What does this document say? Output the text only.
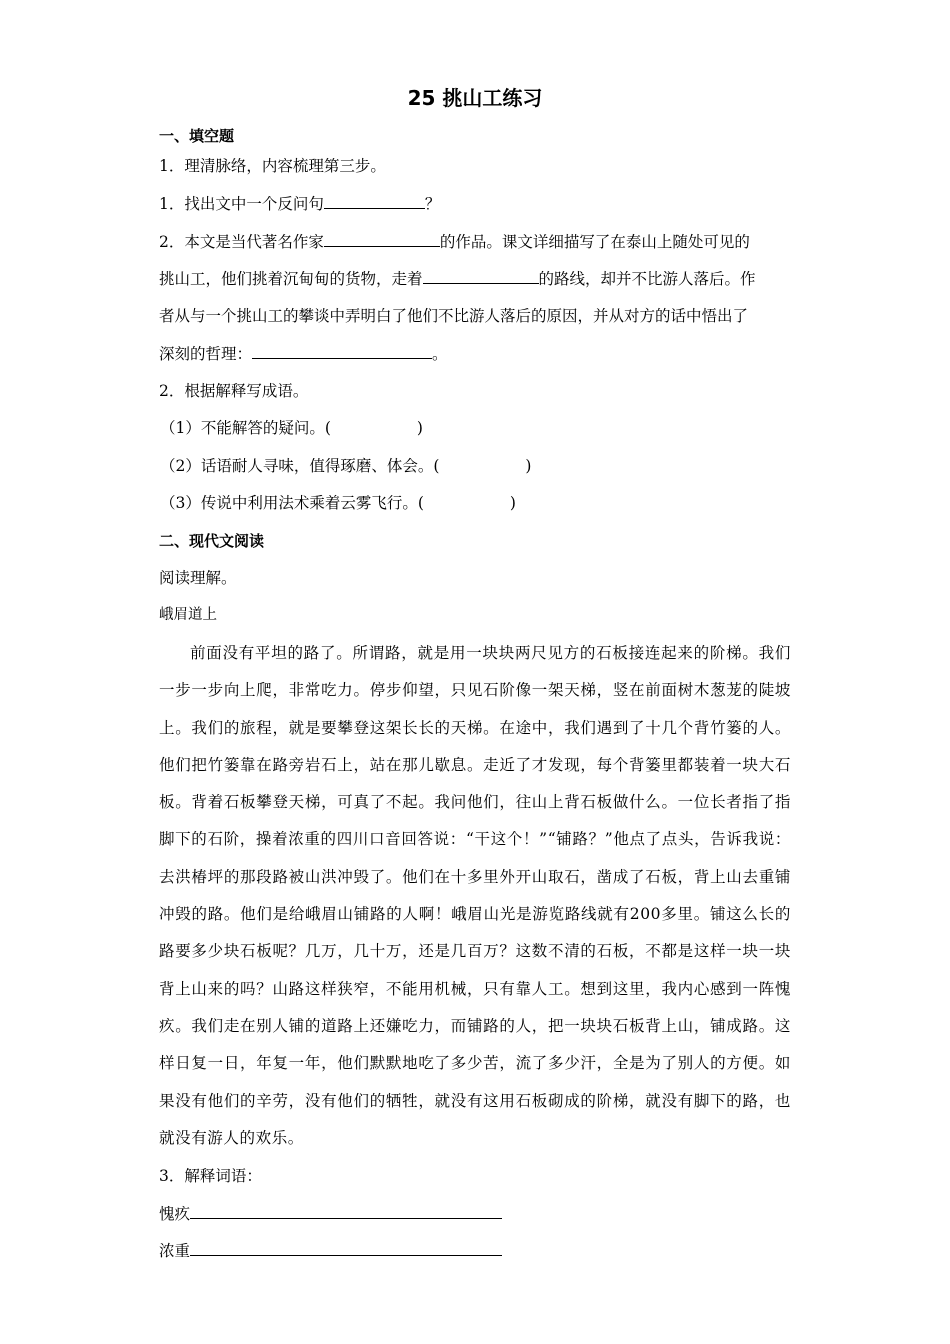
25 挑山工练习
一、填空题
1．理清脉络，内容梳理第三步。
1．找出文中一个反问句	？
2．本文是当代著名作家	的作品。课文详细描写了在泰山上随处可见的
挑山工，他们挑着沉甸甸的货物，走着	的路线，却并不比游人落后。作
者从与一个挑山工的攀谈中弄明白了他们不比游人落后的原因，并从对方的话中悟出了
深刻的哲理：	。
2．根据解释写成语。
（1）不能解答的疑问。(	)
（2）话语耐人寻味，值得琢磨、体会。(	)
（3）传说中利用法术乘着云雾飞行。(	)
二、现代文阅读
阅读理解。
峨眉道上
前面没有平坦的路了。所谓路，就是用一块块两尺见方的石板接连起来的阶梯。我们一步一步向上爬，非常吃力。停步仰望，只见石阶像一架天梯，竖在前面树木葱茏的陡坡上。我们的旅程，就是要攀登这架长长的天梯。在途中，我们遇到了十几个背竹篓的人。他们把竹篓靠在路旁岩石上，站在那儿歇息。走近了才发现，每个背篓里都装着一块大石板。背着石板攀登天梯，可真了不起。我问他们，往山上背石板做什么。一位长者指了指脚下的石阶，操着浓重的四川口音回答说：“干这个！”“铺路？”他点了点头，告诉我说：去洪椿坪的那段路被山洪冲毁了。他们在十多里外开山取石，凿成了石板，背上山去重铺冲毁的路。他们是给峨眉山铺路的人啊！峨眉山光是游览路线就有200多里。铺这么长的路要多少块石板呢？几万，几十万，还是几百万？这数不清的石板，不都是这样一块一块背上山来的吗？山路这样狭窄，不能用机械，只有靠人工。想到这里，我内心感到一阵愧疚。我们走在别人铺的道路上还嫌吃力，而铺路的人，把一块块石板背上山，铺成路。这样日复一日，年复一年，他们默默地吃了多少苦，流了多少汗，全是为了别人的方便。如果没有他们的辛劳，没有他们的牺牲，就没有这用石板砌成的阶梯，就没有脚下的路，也就没有游人的欢乐。
3．解释词语：
愧疚
浓重
